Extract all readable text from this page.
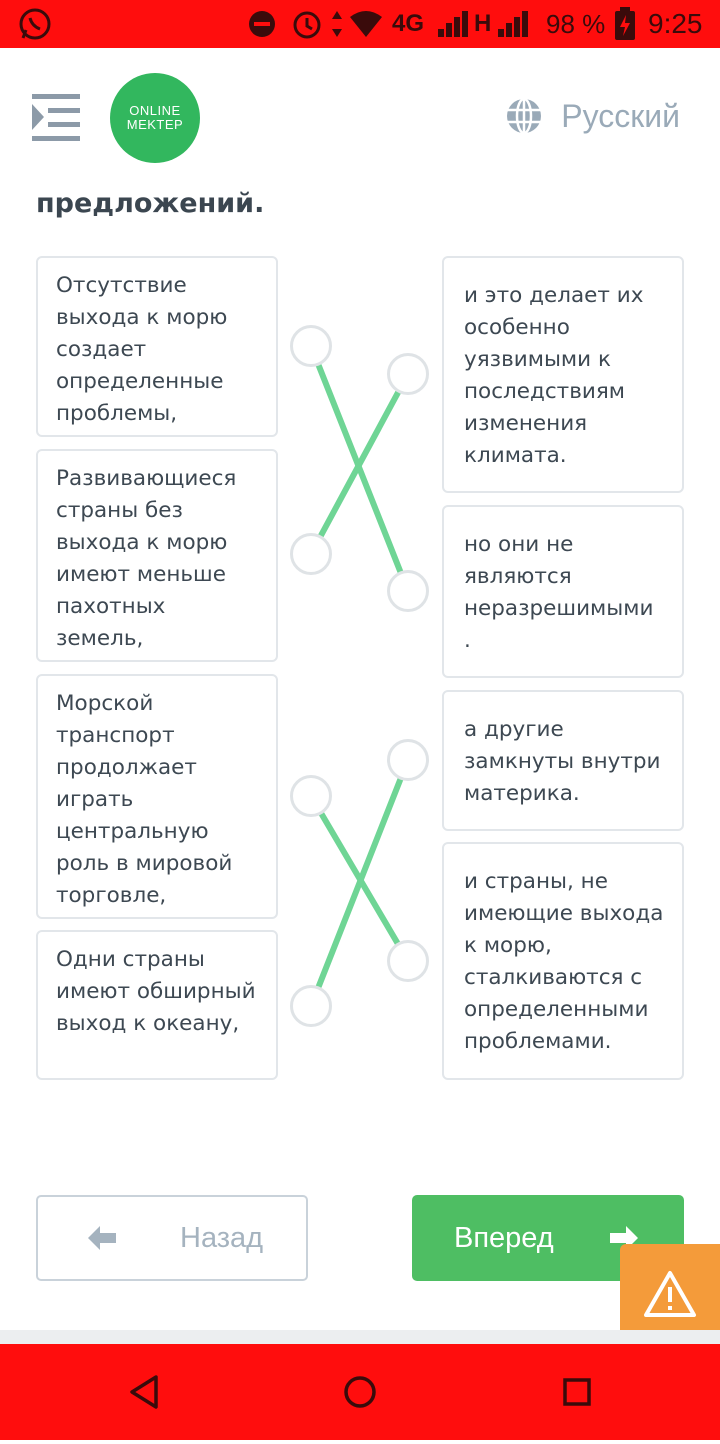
4G H 98 % 9:25
ONLINE
MEKTEP	Русский
предложений.
Отсутствие выхода к морю создает определенные проблемы,
Развивающиеся страны без выхода к морю имеют меньше пахотных земель,
Морской транспорт продолжает играть центральную роль в мировой торговле,
Одни страны имеют обширный выход к океану,
и это делает их особенно уязвимыми к последствиям изменения климата.
но они не являются неразрешимыми .
а другие замкнуты внутри материка.
и страны, не имеющие выхода к морю, сталкиваются с определенными проблемами.
Назад	Вперед
